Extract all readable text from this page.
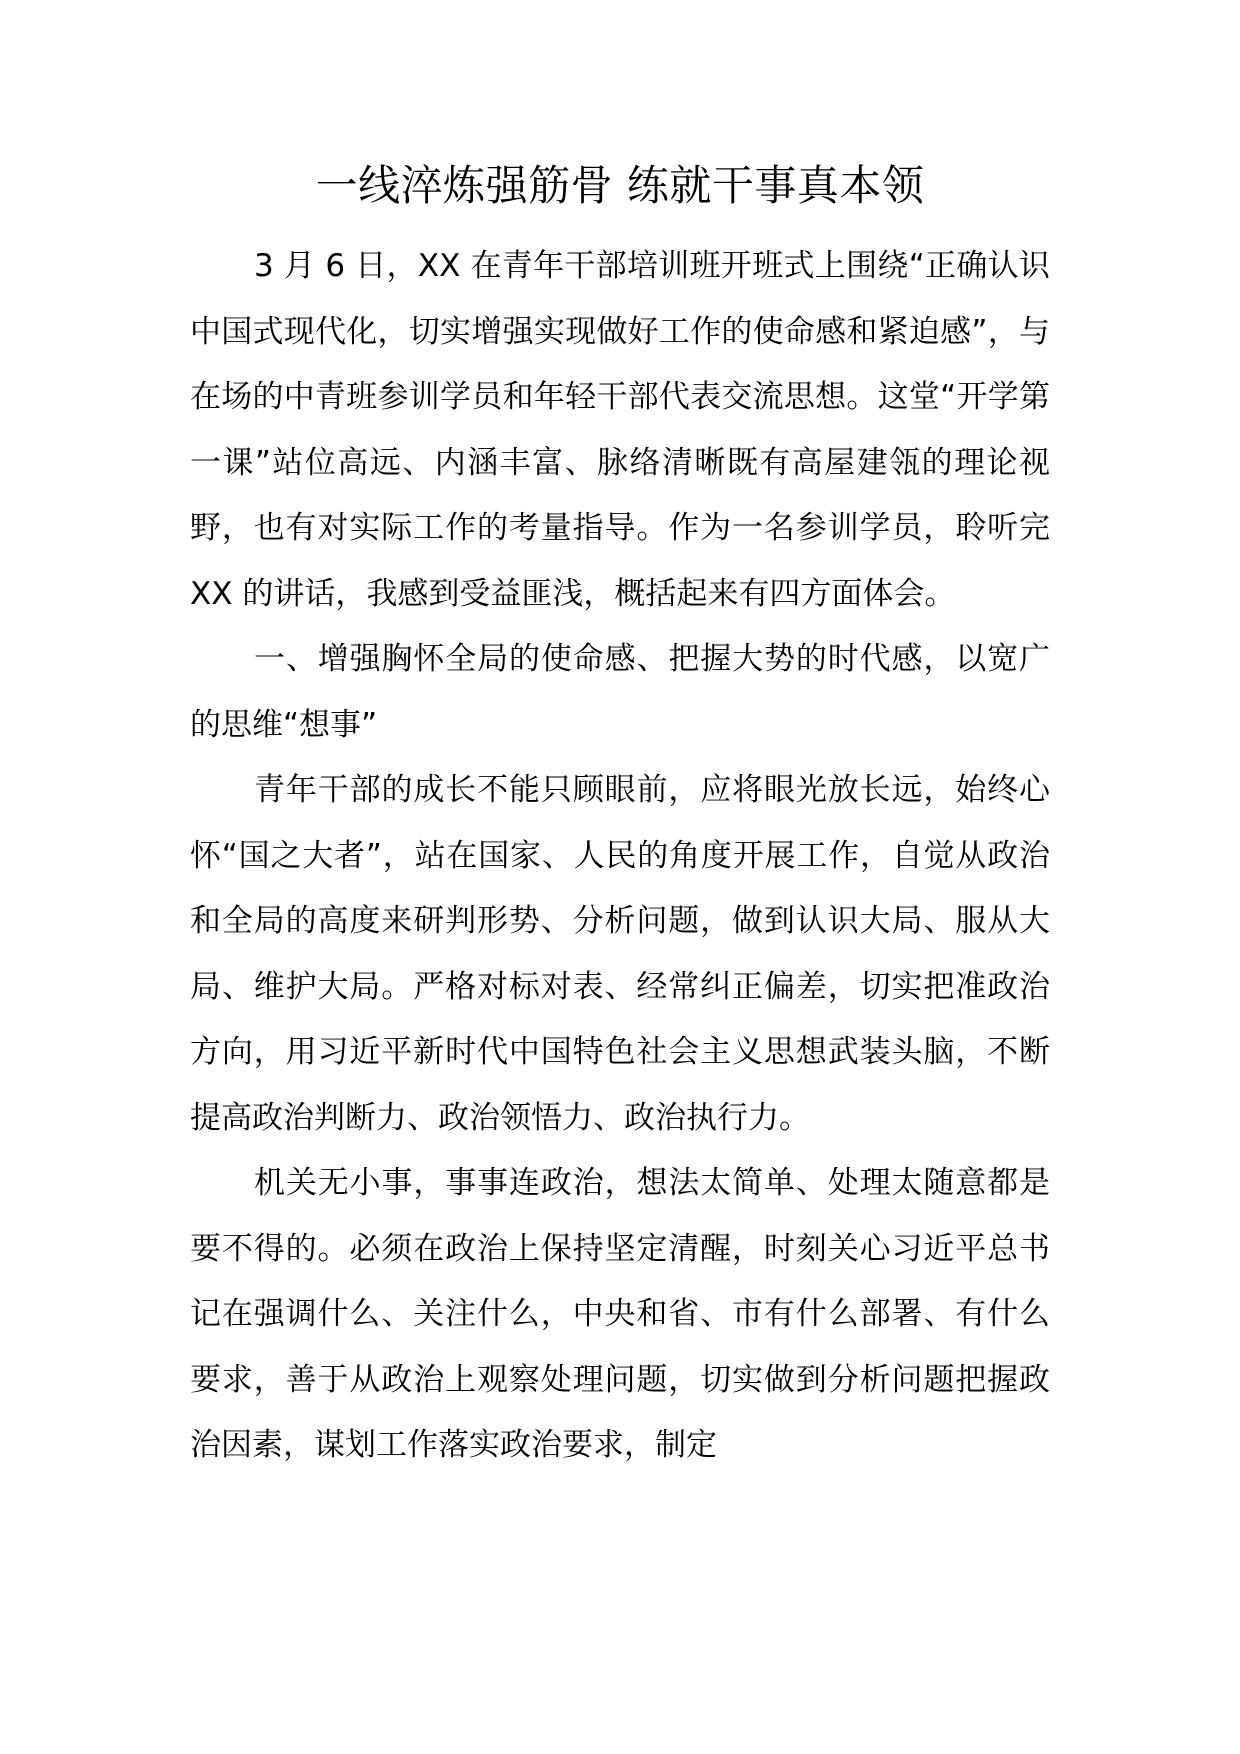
一线淬炼强筋骨 练就干事真本领

3 月 6 日，XX 在青年干部培训班开班式上围绕“正确认识中国式现代化，切实增强实现做好工作的使命感和紧迫感”，与在场的中青班参训学员和年轻干部代表交流思想。这堂“开学第一课”站位高远、内涵丰富、脉络清晰既有高屋建瓴的理论视野，也有对实际工作的考量指导。作为一名参训学员，聆听完 XX 的讲话，我感到受益匪浅，概括起来有四方面体会。

一、增强胸怀全局的使命感、把握大势的时代感，以宽广的思维“想事”

青年干部的成长不能只顾眼前，应将眼光放长远，始终心怀“国之大者”，站在国家、人民的角度开展工作，自觉从政治和全局的高度来研判形势、分析问题，做到认识大局、服从大局、维护大局。严格对标对表、经常纠正偏差，切实把准政治方向，用习近平新时代中国特色社会主义思想武装头脑，不断提高政治判断力、政治领悟力、政治执行力。

机关无小事，事事连政治，想法太简单、处理太随意都是要不得的。必须在政治上保持坚定清醒，时刻关心习近平总书记在强调什么、关注什么，中央和省、市有什么部署、有什么要求，善于从政治上观察处理问题，切实做到分析问题把握政治因素，谋划工作落实政治要求，制定
